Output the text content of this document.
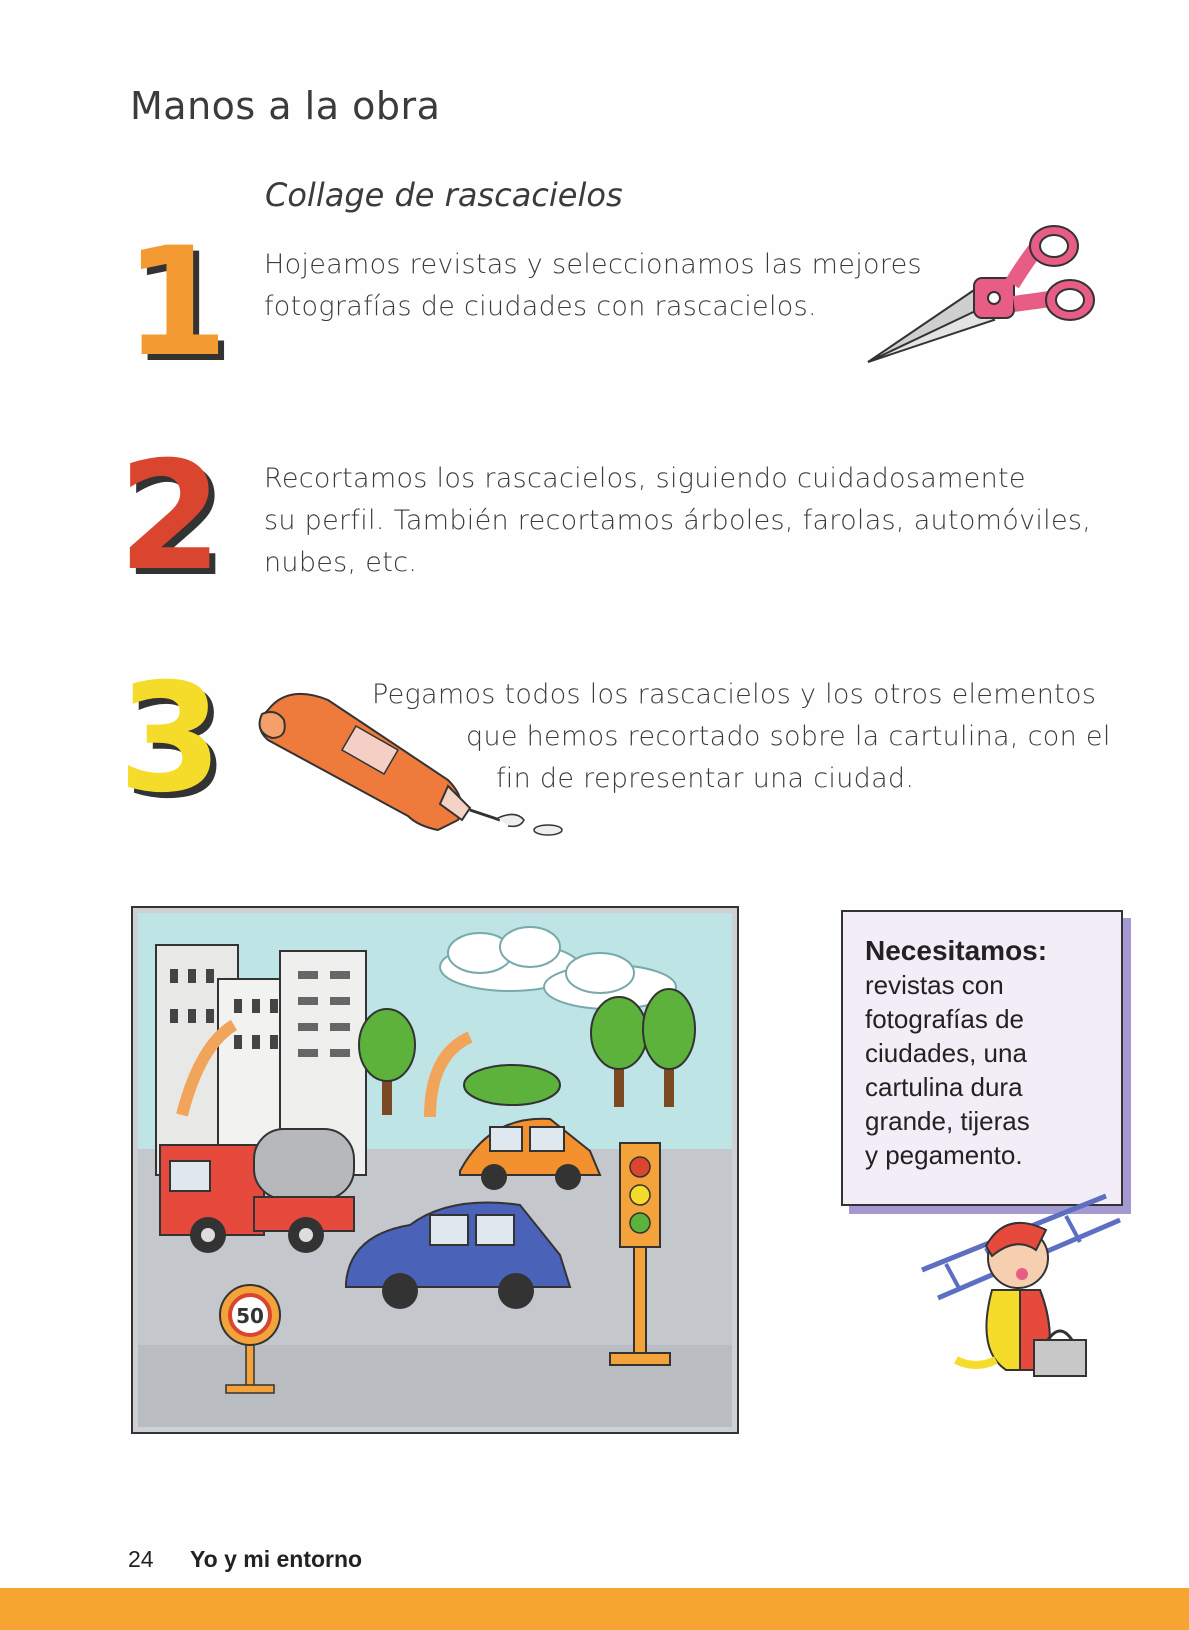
Manos a la obra
Collage de rascacielos
1 Hojeamos revistas y seleccionamos las mejores
fotografías de ciudades con rascacielos.
2 Recortamos los rascacielos, siguiendo cuidadosamente
su perfil. También recortamos árboles, farolas, automóviles,
nubes, etc.
3	Pegamos todos los rascacielos y los otros elementos
que hemos recortado sobre la cartulina, con el
fin de representar una ciudad.
50
Necesitamos:
revistas con
fotografías de
ciudades, una
cartulina dura
grande, tijeras
y pegamento.
24 Yo y mi entorno
